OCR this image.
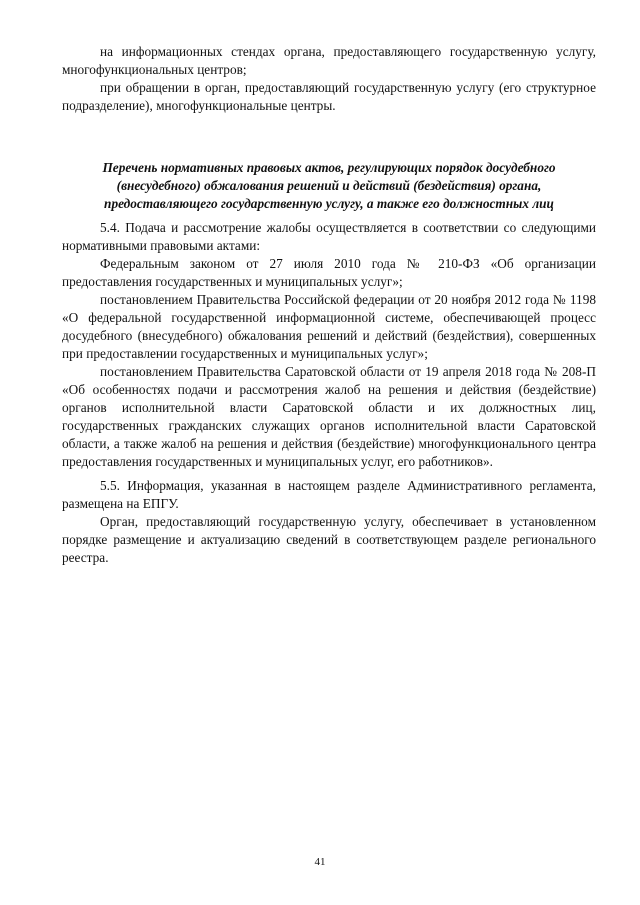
на информационных стендах органа, предоставляющего государственную услугу, многофункциональных центров;

при обращении в орган, предоставляющий государственную услугу (его структурное подразделение), многофункциональные центры.

Перечень нормативных правовых актов, регулирующих порядок досудебного (внесудебного) обжалования решений и действий (бездействия) органа, предоставляющего государственную услугу, а также его должностных лиц

5.4. Подача и рассмотрение жалобы осуществляется в соответствии со следующими нормативными правовыми актами:

Федеральным законом от 27 июля 2010 года № 210-ФЗ «Об организации предоставления государственных и муниципальных услуг»;

постановлением Правительства Российской федерации от 20 ноября 2012 года № 1198 «О федеральной государственной информационной системе, обеспечивающей процесс досудебного (внесудебного) обжалования решений и действий (бездействия), совершенных при предоставлении государственных и муниципальных услуг»;

постановлением Правительства Саратовской области от 19 апреля 2018 года № 208-П «Об особенностях подачи и рассмотрения жалоб на решения и действия (бездействие) органов исполнительной власти Саратовской области и их должностных лиц, государственных гражданских служащих органов исполнительной власти Саратовской области, а также жалоб на решения и действия (бездействие) многофункционального центра предоставления государственных и муниципальных услуг, его работников».

5.5. Информация, указанная в настоящем разделе Административного регламента, размещена на ЕПГУ.

Орган, предоставляющий государственную услугу, обеспечивает в установленном порядке размещение и актуализацию сведений в соответствующем разделе регионального реестра.

41
